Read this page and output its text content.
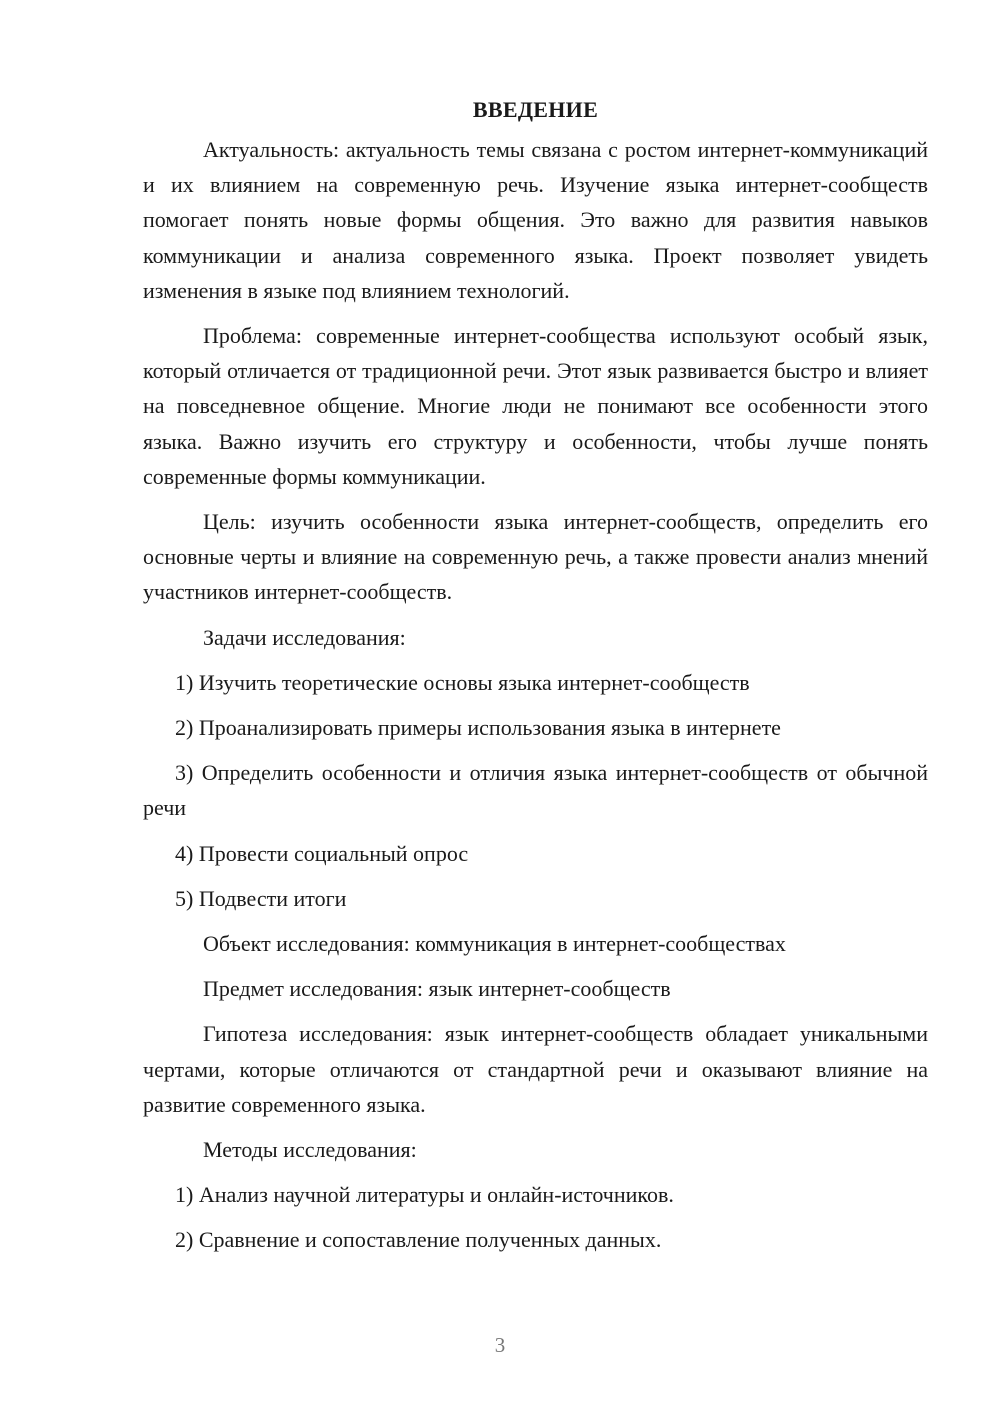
ВВЕДЕНИЕ

Актуальность: актуальность темы связана с ростом интернет-коммуникаций и их влиянием на современную речь. Изучение языка интернет-сообществ помогает понять новые формы общения. Это важно для развития навыков коммуникации и анализа современного языка. Проект позволяет увидеть изменения в языке под влиянием технологий.

Проблема: современные интернет-сообщества используют особый язык, который отличается от традиционной речи. Этот язык развивается быстро и влияет на повседневное общение. Многие люди не понимают все особенности этого языка. Важно изучить его структуру и особенности, чтобы лучше понять современные формы коммуникации.

Цель: изучить особенности языка интернет-сообществ, определить его основные черты и влияние на современную речь, а также провести анализ мнений участников интернет-сообществ.

Задачи исследования:
1) Изучить теоретические основы языка интернет-сообществ
2) Проанализировать примеры использования языка в интернете

3) Определить особенности и отличия языка интернет-сообществ от обычной речи

4) Провести социальный опрос
5) Подвести итоги
Объект исследования: коммуникация в интернет-сообществах
Предмет исследования: язык интернет-сообществ

Гипотеза исследования: язык интернет-сообществ обладает уникальными чертами, которые отличаются от стандартной речи и оказывают влияние на развитие современного языка.

Методы исследования:
1) Анализ научной литературы и онлайн-источников.
2) Сравнение и сопоставление полученных данных.
3
